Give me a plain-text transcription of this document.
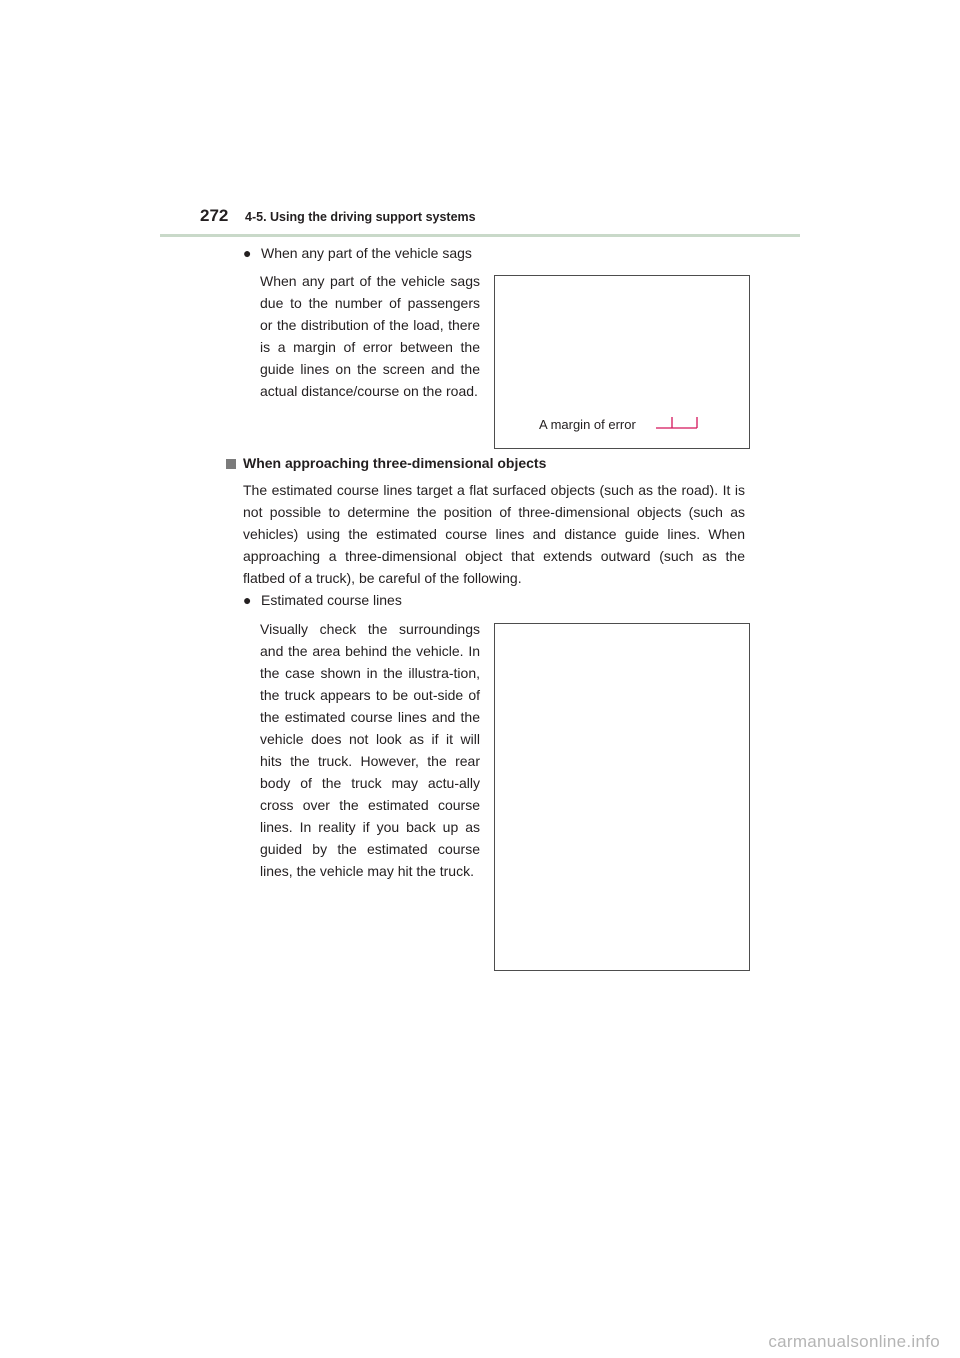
272 4-5. Using the driving support systems
● When any part of the vehicle sags
When any part of the vehicle sags due to the number of passengers or the distribution of the load, there is a margin of error between the guide lines on the screen and the actual distance/course on the road.
A margin of error
When approaching three-dimensional objects
The estimated course lines target a flat surfaced objects (such as the road). It is not possible to determine the position of three-dimensional objects (such as vehicles) using the estimated course lines and distance guide lines. When approaching a three-dimensional object that extends outward (such as the flatbed of a truck), be careful of the following.
● Estimated course lines
Visually check the surroundings and the area behind the vehicle. In the case shown in the illustra-tion, the truck appears to be out-side of the estimated course lines and the vehicle does not look as if it will hits the truck. However, the rear body of the truck may actu-ally cross over the estimated course lines. In reality if you back up as guided by the estimated course lines, the vehicle may hit the truck.
carmanualsonline.info
